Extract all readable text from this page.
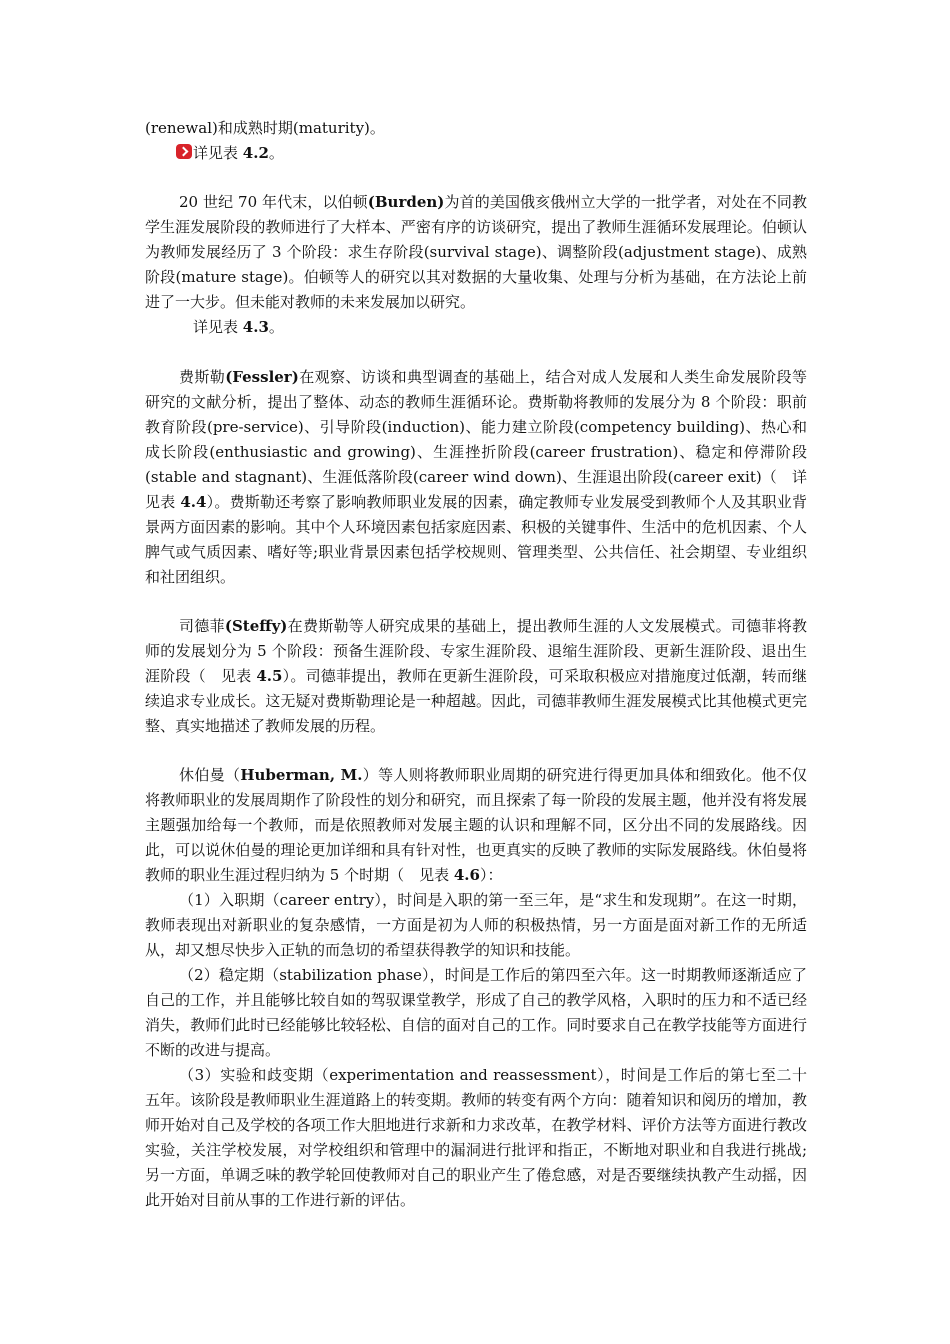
(renewal)和成熟时期(maturity)。

详见表 4.2。

20 世纪 70 年代末，以伯顿(Burden)为首的美国俄亥俄州立大学的一批学者，对处在不同教学生涯发展阶段的教师进行了大样本、严密有序的访谈研究，提出了教师生涯循环发展理论。伯顿认为教师发展经历了 3 个阶段：求生存阶段(survival stage)、调整阶段(adjustment stage)、成熟阶段(mature stage)。伯顿等人的研究以其对数据的大量收集、处理与分析为基础，在方法论上前进了一大步。但未能对教师的未来发展加以研究。

详见表 4.3。

费斯勒(Fessler)在观察、访谈和典型调查的基础上，结合对成人发展和人类生命发展阶段等研究的文献分析，提出了整体、动态的教师生涯循环论。费斯勒将教师的发展分为 8 个阶段：职前教育阶段(pre-service)、引导阶段(induction)、能力建立阶段(competency building)、热心和成长阶段(enthusiastic and growing)、生涯挫折阶段(career frustration)、稳定和停滞阶段(stable and stagnant)、生涯低落阶段(career wind down)、生涯退出阶段(career exit)（　详见表 4.4）。费斯勒还考察了影响教师职业发展的因素，确定教师专业发展受到教师个人及其职业背景两方面因素的影响。其中个人环境因素包括家庭因素、积极的关键事件、生活中的危机因素、个人脾气或气质因素、嗜好等;职业背景因素包括学校规则、管理类型、公共信任、社会期望、专业组织和社团组织。

司德菲(Steffy)在费斯勒等人研究成果的基础上，提出教师生涯的人文发展模式。司德菲将教师的发展划分为 5 个阶段：预备生涯阶段、专家生涯阶段、退缩生涯阶段、更新生涯阶段、退出生涯阶段（　见表 4.5）。司德菲提出，教师在更新生涯阶段，可采取积极应对措施度过低潮，转而继续追求专业成长。这无疑对费斯勒理论是一种超越。因此，司德菲教师生涯发展模式比其他模式更完整、真实地描述了教师发展的历程。

休伯曼（Huberman, M.）等人则将教师职业周期的研究进行得更加具体和细致化。他不仅将教师职业的发展周期作了阶段性的划分和研究，而且探索了每一阶段的发展主题，他并没有将发展主题强加给每一个教师，而是依照教师对发展主题的认识和理解不同，区分出不同的发展路线。因此，可以说休伯曼的理论更加详细和具有针对性，也更真实的反映了教师的实际发展路线。休伯曼将教师的职业生涯过程归纳为 5 个时期（　见表 4.6）：

（1）入职期（career entry），时间是入职的第一至三年，是“求生和发现期”。在这一时期，教师表现出对新职业的复杂感情，一方面是初为人师的积极热情，另一方面是面对新工作的无所适从，却又想尽快步入正轨的而急切的希望获得教学的知识和技能。

（2）稳定期（stabilization phase），时间是工作后的第四至六年。这一时期教师逐渐适应了自己的工作，并且能够比较自如的驾驭课堂教学，形成了自己的教学风格，入职时的压力和不适已经消失，教师们此时已经能够比较轻松、自信的面对自己的工作。同时要求自己在教学技能等方面进行不断的改进与提高。

（3）实验和歧变期（experimentation and reassessment），时间是工作后的第七至二十五年。该阶段是教师职业生涯道路上的转变期。教师的转变有两个方向：随着知识和阅历的增加，教师开始对自己及学校的各项工作大胆地进行求新和力求改革，在教学材料、评价方法等方面进行教改实验，关注学校发展，对学校组织和管理中的漏洞进行批评和指正，不断地对职业和自我进行挑战;另一方面，单调乏味的教学轮回使教师对自己的职业产生了倦怠感，对是否要继续执教产生动摇，因此开始对目前从事的工作进行新的评估。
